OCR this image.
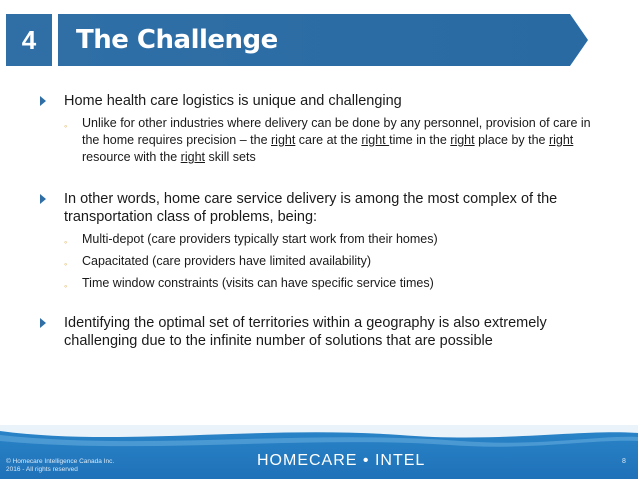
4	The Challenge
Home health care logistics is unique and challenging
◦ Unlike for other industries where delivery can be done by any personnel, provision of care in the home requires precision – the right care at the right time in the right place by the right resource with the right skill sets
In other words, home care service delivery is among the most complex of the transportation class of problems, being:
◦ Multi-depot (care providers typically start work from their homes)
◦ Capacitated (care providers have limited availability)
◦ Time window constraints (visits can have specific service times)
Identifying the optimal set of territories within a geography is also extremely challenging due to the infinite number of solutions that are possible
© Homecare Intelligence Canada Inc.
2016 - All rights reserved
HOMECARE • INTEL	8
